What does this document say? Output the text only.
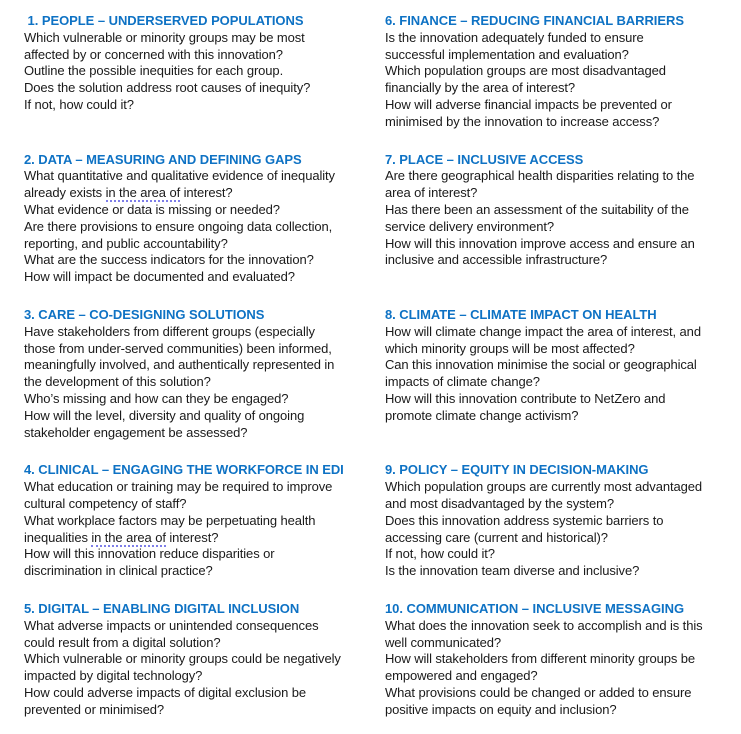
1. PEOPLE – UNDERSERVED POPULATIONS
Which vulnerable or minority groups may be most
affected by or concerned with this innovation?
Outline the possible inequities for each group.
Does the solution address root causes of inequity?
If not, how could it?
2. DATA – MEASURING AND DEFINING GAPS
What quantitative and qualitative evidence of inequality
already exists in the area of interest?
What evidence or data is missing or needed?
Are there provisions to ensure ongoing data collection,
reporting, and public accountability?
What are the success indicators for the innovation?
How will impact be documented and evaluated?
3. CARE – CO-DESIGNING SOLUTIONS
Have stakeholders from different groups (especially
those from under-served communities) been informed,
meaningfully involved, and authentically represented in
the development of this solution?
Who’s missing and how can they be engaged?
How will the level, diversity and quality of ongoing
stakeholder engagement be assessed?
4. CLINICAL – ENGAGING THE WORKFORCE IN EDI
What education or training may be required to improve
cultural competency of staff?
What workplace factors may be perpetuating health
inequalities in the area of interest?
How will this innovation reduce disparities or
discrimination in clinical practice?
5. DIGITAL – ENABLING DIGITAL INCLUSION
What adverse impacts or unintended consequences
could result from a digital solution?
Which vulnerable or minority groups could be negatively
impacted by digital technology?
How could adverse impacts of digital exclusion be
prevented or minimised?
6. FINANCE – REDUCING FINANCIAL BARRIERS
Is the innovation adequately funded to ensure
successful implementation and evaluation?
Which population groups are most disadvantaged
financially by the area of interest?
How will adverse financial impacts be prevented or
minimised by the innovation to increase access?
7. PLACE – INCLUSIVE ACCESS
Are there geographical health disparities relating to the
area of interest?
Has there been an assessment of the suitability of the
service delivery environment?
How will this innovation improve access and ensure an
inclusive and accessible infrastructure?
8. CLIMATE – CLIMATE IMPACT ON HEALTH
How will climate change impact the area of interest, and
which minority groups will be most affected?
Can this innovation minimise the social or geographical
impacts of climate change?
How will this innovation contribute to NetZero and
promote climate change activism?
9. POLICY – EQUITY IN DECISION-MAKING
Which population groups are currently most advantaged
and most disadvantaged by the system?
Does this innovation address systemic barriers to
accessing care (current and historical)?
If not, how could it?
Is the innovation team diverse and inclusive?
10. COMMUNICATION – INCLUSIVE MESSAGING
What does the innovation seek to accomplish and is this
well communicated?
How will stakeholders from different minority groups be
empowered and engaged?
What provisions could be changed or added to ensure
positive impacts on equity and inclusion?
